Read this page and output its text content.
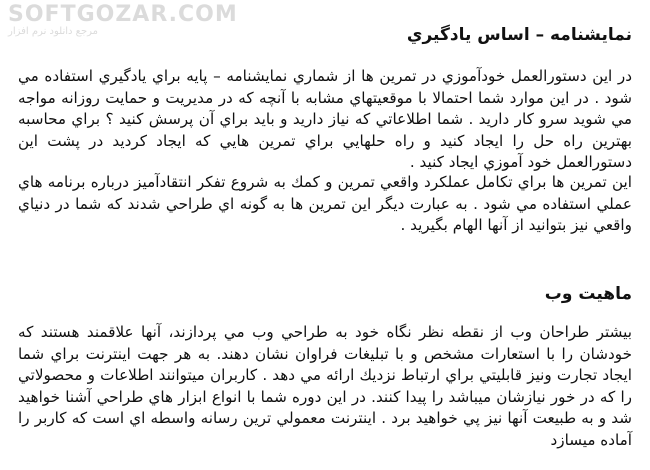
SOFTGOZAR.COM
مرجع دانلود نرم افزار	نمايشنامه – اساس يادگيري

در اين دستورالعمل خودآموزي در تمرين ها از شماري نمايشنامه – پايه براي يادگيري استفاده مي شود . در اين موارد شما احتمالا با موقعيتهاي مشابه با آنچه كه در مديريت و حمايت روزانه مواجه مي شويد سرو كار داريد . شما اطلاعاتي كه نياز داريد و بايد براي آن پرسش كنيد ؟ براي محاسبه بهترين راه حل را ايجاد كنيد و راه حلهايي براي تمرين هايي كه ايجاد كرديد در پشت اين دستورالعمل خود آموزي ايجاد كنيد .

اين تمرين ها براي تكامل عملكرد واقعي تمرين و كمك به شروع تفكر انتقادآميز درباره برنامه هاي عملي استفاده مي شود . به عبارت ديگر اين تمرين ها به گونه اي طراحي شدند كه شما در دنياي واقعي نيز بتوانيد از آنها الهام بگيريد .

ماهيت وب

بيشتر طراحان وب از نقطه نظر نگاه خود به طراحي وب مي پردازند، آنها علاقمند هستند كه خودشان را با استعارات مشخص و با تبليغات فراوان نشان دهند. به هر جهت اينترنت براي شما ايجاد تجارت ونيز قابليتي براي ارتباط نزديك ارائه مي دهد . كاربران ميتوانند اطلاعات و محصولاتي را كه در خور نيازشان ميباشد را پيدا كنند. در اين دوره شما با انواع ابزار هاي طراحي آشنا خواهيد شد و به طبيعت آنها نيز پي خواهيد برد . اينترنت معمولي ترين رسانه واسطه اي است كه كاربر را آماده ميسازد
